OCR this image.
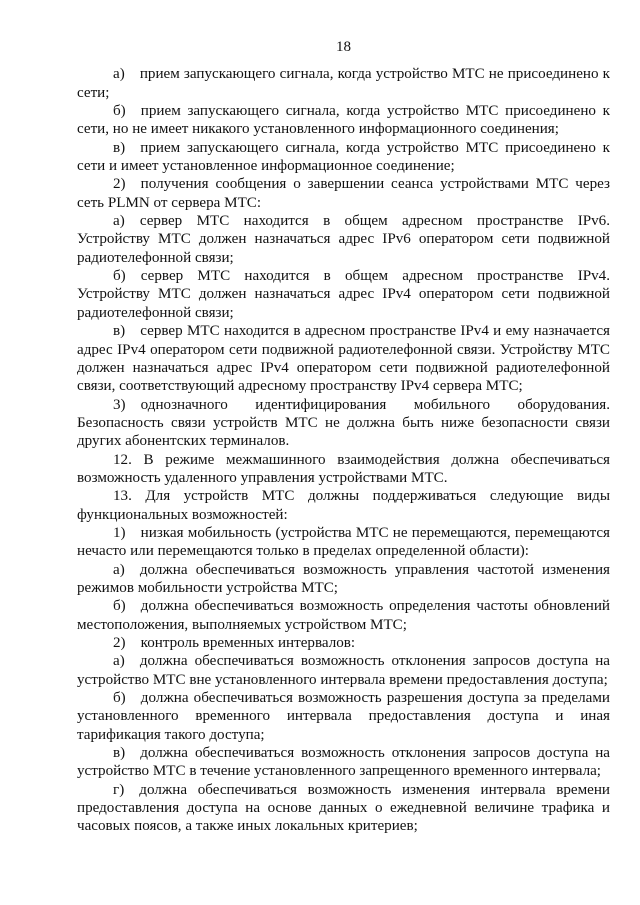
18

а) прием запускающего сигнала, когда устройство МТС не присоединено к сети;

б) прием запускающего сигнала, когда устройство МТС присоединено к сети, но не имеет никакого установленного информационного соединения;

в) прием запускающего сигнала, когда устройство МТС присоединено к сети и имеет установленное информационное соединение;

2) получения сообщения о завершении сеанса устройствами МТС через сеть PLMN от сервера МТС:

а) сервер МТС находится в общем адресном пространстве IPv6. Устройству МТС должен назначаться адрес IPv6 оператором сети подвижной радиотелефонной связи;

б) сервер МТС находится в общем адресном пространстве IPv4. Устройству МТС должен назначаться адрес IPv4 оператором сети подвижной радиотелефонной связи;

в) сервер МТС находится в адресном пространстве IPv4 и ему назначается адрес IPv4 оператором сети подвижной радиотелефонной связи. Устройству МТС должен назначаться адрес IPv4 оператором сети подвижной радиотелефонной связи, соответствующий адресному пространству IPv4 сервера МТС;

3) однозначного идентифицирования мобильного оборудования. Безопасность связи устройств МТС не должна быть ниже безопасности связи других абонентских терминалов.

12. В режиме межмашинного взаимодействия должна обеспечиваться возможность удаленного управления устройствами МТС.

13. Для устройств МТС должны поддерживаться следующие виды функциональных возможностей:

1) низкая мобильность (устройства МТС не перемещаются, перемещаются нечасто или перемещаются только в пределах определенной области):

а) должна обеспечиваться возможность управления частотой изменения режимов мобильности устройства МТС;

б) должна обеспечиваться возможность определения частоты обновлений местоположения, выполняемых устройством МТС;

2) контроль временных интервалов:

а) должна обеспечиваться возможность отклонения запросов доступа на устройство МТС вне установленного интервала времени предоставления доступа;

б) должна обеспечиваться возможность разрешения доступа за пределами установленного временного интервала предоставления доступа и иная тарификация такого доступа;

в) должна обеспечиваться возможность отклонения запросов доступа на устройство МТС в течение установленного запрещенного временного интервала;

г) должна обеспечиваться возможность изменения интервала времени предоставления доступа на основе данных о ежедневной величине трафика и часовых поясов, а также иных локальных критериев;
